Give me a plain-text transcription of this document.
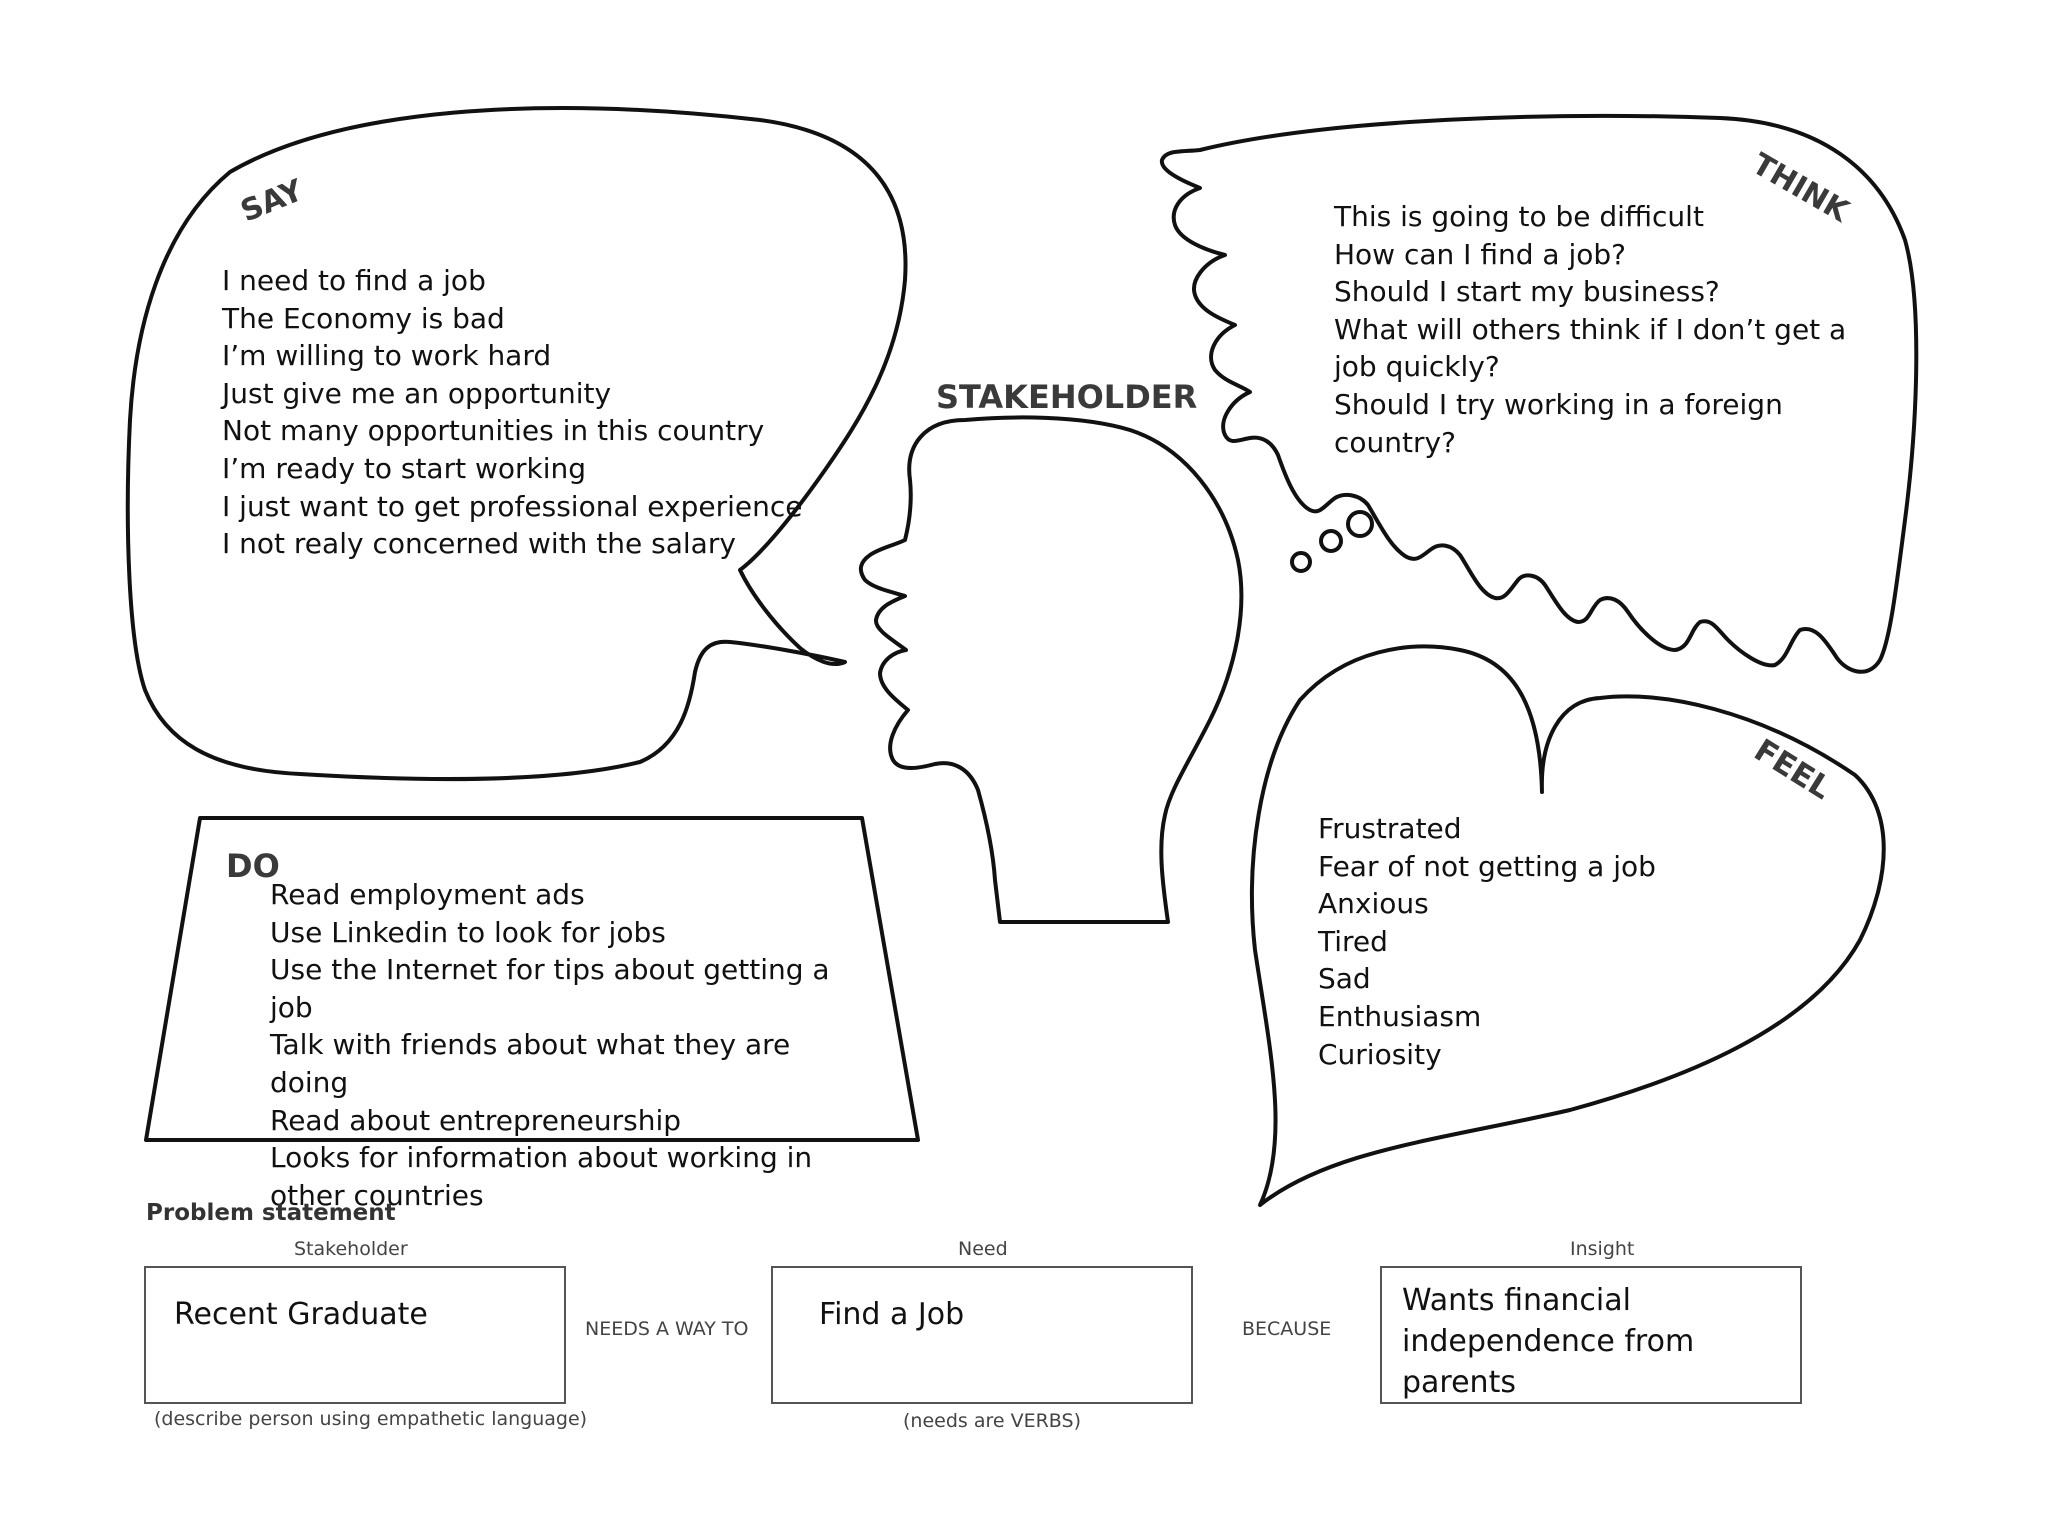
SAY	THINK
FEEL
STAKEHOLDER
DO
I need to find a job
The Economy is bad
I’m willing to work hard
Just give me an opportunity
Not many opportunities in this country
I’m ready to start working
I just want to get professional experience
I not realy concerned with the salary
This is going to be difficult
How can I find a job?
Should I start my business?
What will others think if I don’t get a job quickly?
Should I try working in a foreign country?
Read employment ads
Use Linkedin to look for jobs
Use the Internet for tips about getting a job
Talk with friends about what they are doing
Read about entrepreneurship
Looks for information about working in other countries
Frustrated
Fear of not getting a job
Anxious
Tired
Sad
Enthusiasm
Curiosity
Problem statement
Stakeholder
Recent Graduate
(describe person using empathetic language)
NEEDS A WAY TO
Need
Find a Job
(needs are VERBS)
BECAUSE
Insight
Wants financial independence from parents
